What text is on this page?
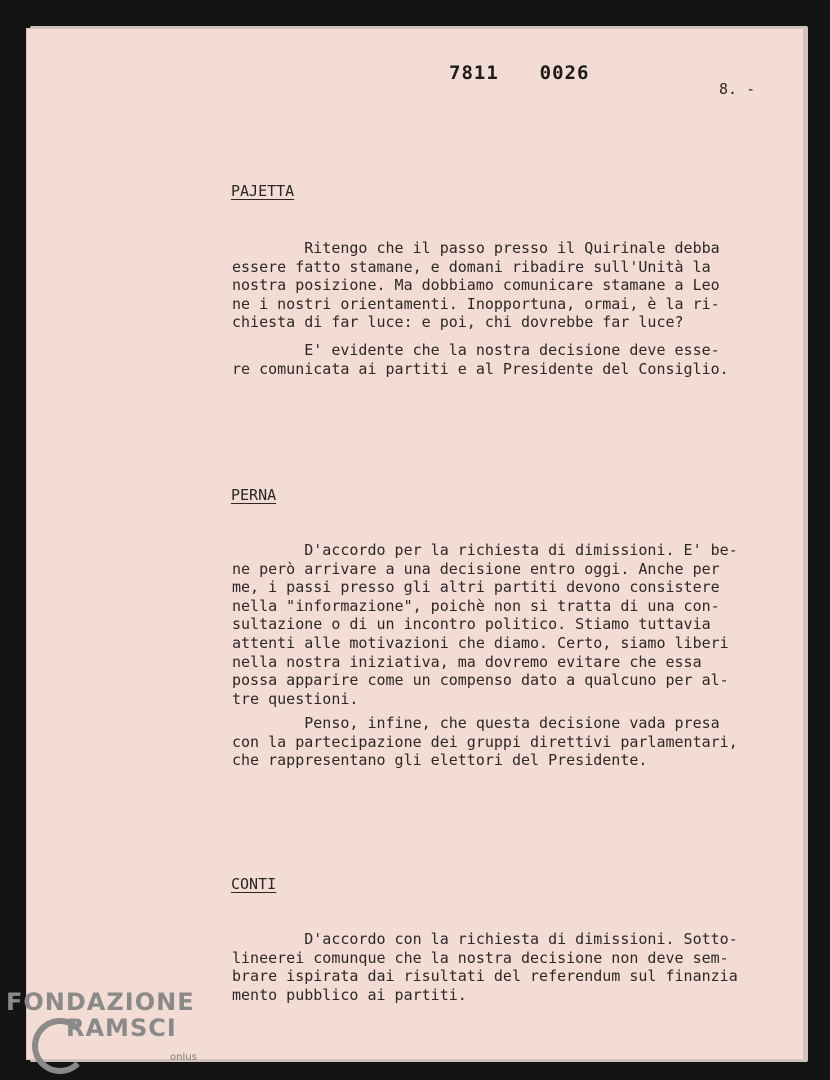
7811 0026
8. -
PAJETTA
Ritengo che il passo presso il Quirinale debba
essere fatto stamane, e domani ribadire sull'Unità la
nostra posizione. Ma dobbiamo comunicare stamane a Leo
ne i nostri orientamenti. Inopportuna, ormai, è la ri-
chiesta di far luce: e poi, chi dovrebbe far luce?
E' evidente che la nostra decisione deve esse-
re comunicata ai partiti e al Presidente del Consiglio.
PERNA
D'accordo per la richiesta di dimissioni. E' be-
ne però arrivare a una decisione entro oggi. Anche per
me, i passi presso gli altri partiti devono consistere
nella "informazione", poichè non si tratta di una con-
sultazione o di un incontro politico. Stiamo tuttavia
attenti alle motivazioni che diamo. Certo, siamo liberi
nella nostra iniziativa, ma dovremo evitare che essa
possa apparire come un compenso dato a qualcuno per al-
tre questioni.
Penso, infine, che questa decisione vada presa
con la partecipazione dei gruppi direttivi parlamentari,
che rappresentano gli elettori del Presidente.
CONTI
D'accordo con la richiesta di dimissioni. Sotto-
lineerei comunque che la nostra decisione non deve sem-
brare ispirata dai risultati del referendum sul finanzia
mento pubblico ai partiti.
FONDAZIONE
RAMSCI
onlus
